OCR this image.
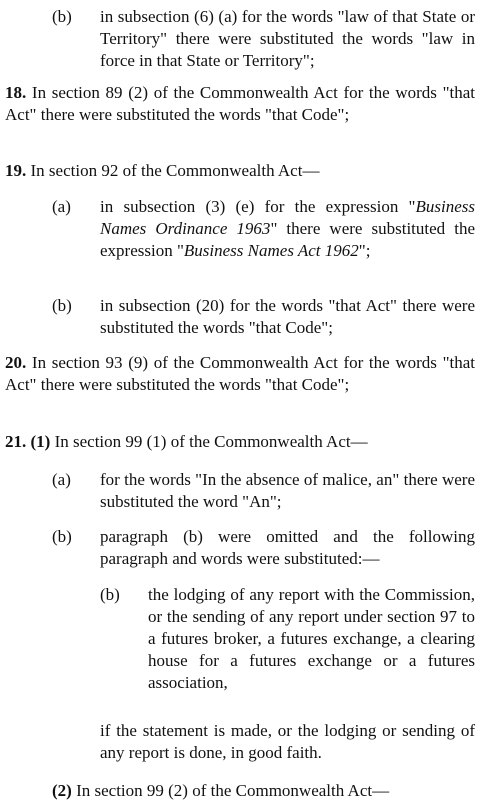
(b)	in subsection (6) (a) for the words "law of that State or Territory" there were substituted the words "law in force in that State or Territory";
18. In section 89 (2) of the Commonwealth Act for the words "that Act" there were substituted the words "that Code";
19. In section 92 of the Commonwealth Act—
(a)	in subsection (3) (e) for the expression "Business Names Ordinance 1963" there were substituted the expression "Business Names Act 1962";
(b)	in subsection (20) for the words "that Act" there were substituted the words "that Code";
20. In section 93 (9) of the Commonwealth Act for the words "that Act" there were substituted the words "that Code";
21. (1) In section 99 (1) of the Commonwealth Act—
(a)	for the words "In the absence of malice, an" there were substituted the word "An";
(b)	paragraph (b) were omitted and the following paragraph and words were substituted:—
(b)	the lodging of any report with the Commission, or the sending of any report under section 97 to a futures broker, a futures exchange, a clearing house for a futures exchange or a futures association,
if the statement is made, or the lodging or sending of any report is done, in good faith.
(2) In section 99 (2) of the Commonwealth Act—
